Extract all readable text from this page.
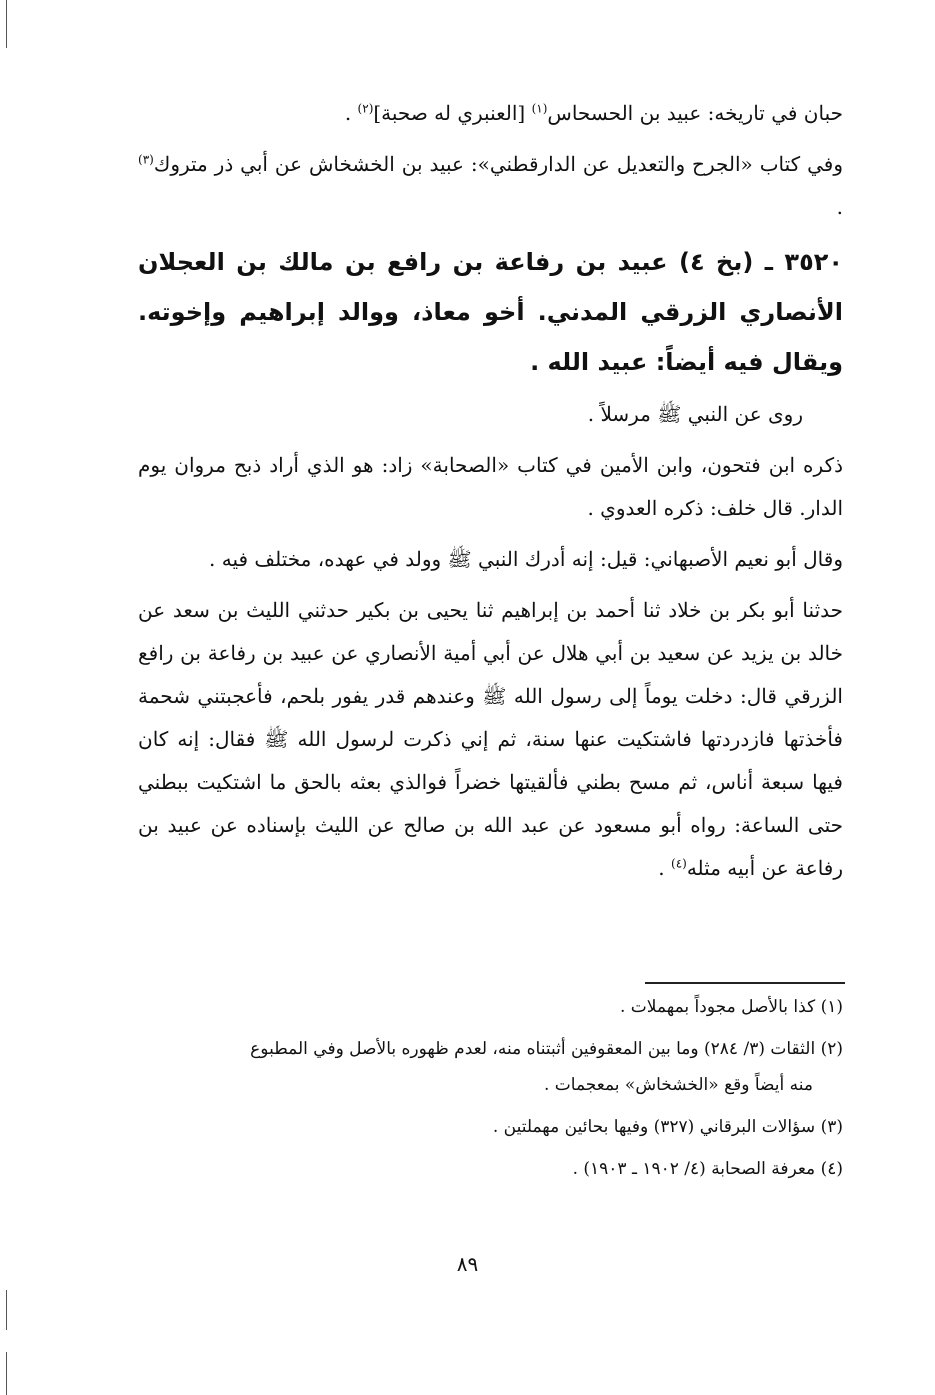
حبان في تاريخه: عبيد بن الحسحاس$^{(١)}$ [العنبري له صحبة]$^{(٢)}$ .

وفي كتاب «الجرح والتعديل عن الدارقطني»: عبيد بن الخشخاش عن أبي ذر متروك$^{(٣)}$ .

٣٥٢٠ ـ (بخ ٤) عبيد بن رفاعة بن رافع بن مالك بن العجلان الأنصاري الزرقي المدني. أخو معاذ، ووالد إبراهيم وإخوته. ويقال فيه أيضاً: عبيد الله .

روى عن النبي ﷺ مرسلاً .

ذكره ابن فتحون، وابن الأمين في كتاب «الصحابة» زاد: هو الذي أراد ذبح مروان يوم الدار. قال خلف: ذكره العدوي .

وقال أبو نعيم الأصبهاني: قيل: إنه أدرك النبي ﷺ وولد في عهده، مختلف فيه .

حدثنا أبو بكر بن خلاد ثنا أحمد بن إبراهيم ثنا يحيى بن بكير حدثني الليث بن سعد عن خالد بن يزيد عن سعيد بن أبي هلال عن أبي أمية الأنصاري عن عبيد بن رفاعة بن رافع الزرقي قال: دخلت يوماً إلى رسول الله ﷺ وعندهم قدر يفور بلحم، فأعجبتني شحمة فأخذتها فازدردتها فاشتكيت عنها سنة، ثم إني ذكرت لرسول الله ﷺ فقال: إنه كان فيها سبعة أناس، ثم مسح بطني فألقيتها خضراً فوالذي بعثه بالحق ما اشتكيت ببطني حتى الساعة: رواه أبو مسعود عن عبد الله بن صالح عن الليث بإسناده عن عبيد بن رفاعة عن أبيه مثله$^{(٤)}$ .

(١) كذا بالأصل مجوداً بمهملات .

(٢) الثقات (٣/ ٢٨٤) وما بين المعقوفين أثبتناه منه، لعدم ظهوره بالأصل وفي المطبوع

منه أيضاً وقع «الخشخاش» بمعجمات .

(٣) سؤالات البرقاني (٣٢٧) وفيها بحائين مهملتين .

(٤) معرفة الصحابة (٤/ ١٩٠٢ ـ ١٩٠٣) .

٨٩
